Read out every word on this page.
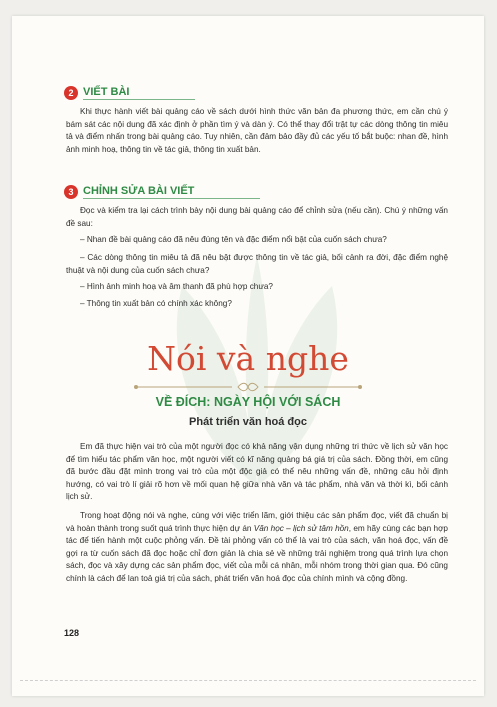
2 VIẾT BÀI

Khi thực hành viết bài quảng cáo về sách dưới hình thức văn bản đa phương thức, em cần chú ý bám sát các nội dung đã xác định ở phần tìm ý và dàn ý. Có thể thay đổi trật tự các dòng thông tin miêu tả và điểm nhấn trong bài quảng cáo. Tuy nhiên, cần đảm bảo đầy đủ các yếu tố bắt buộc: nhan đề, hình ảnh minh hoạ, thông tin về tác giả, thông tin xuất bản.

3 CHỈNH SỬA BÀI VIẾT

Đọc và kiểm tra lại cách trình bày nội dung bài quảng cáo để chỉnh sửa (nếu cần). Chú ý những vấn đề sau:

– Nhan đề bài quảng cáo đã nêu đúng tên và đặc điểm nổi bật của cuốn sách chưa?

– Các dòng thông tin miêu tả đã nêu bật được thông tin về tác giả, bối cảnh ra đời, đặc điểm nghệ thuật và nội dung của cuốn sách chưa?

– Hình ảnh minh hoạ và âm thanh đã phù hợp chưa?

– Thông tin xuất bản có chính xác không?

Nói và nghe
VỀ ĐÍCH: NGÀY HỘI VỚI SÁCH
Phát triển văn hoá đọc

Em đã thực hiện vai trò của một người đọc có khả năng vận dụng những tri thức về lịch sử văn học để tìm hiểu tác phẩm văn học, một người viết có kĩ năng quảng bá giá trị của sách. Đồng thời, em cũng đã bước đầu đặt mình trong vai trò của một độc giả có thể nêu những vấn đề, những câu hỏi định hướng, có vai trò lí giải rõ hơn về mối quan hệ giữa nhà văn và tác phẩm, nhà văn và thời kì, bối cảnh lịch sử.

Trong hoạt động nói và nghe, cùng với việc triển lãm, giới thiệu các sản phẩm đọc, viết đã chuẩn bị và hoàn thành trong suốt quá trình thực hiện dự án Văn học – lịch sử tâm hồn, em hãy cùng các bạn hợp tác để tiến hành một cuộc phỏng vấn. Đề tài phỏng vấn có thể là vai trò của sách, văn hoá đọc, vấn đề gợi ra từ cuốn sách đã đọc hoặc chỉ đơn giản là chia sẻ về những trải nghiệm trong quá trình lựa chọn sách, đọc và xây dựng các sản phẩm đọc, viết của mỗi cá nhân, mỗi nhóm trong thời gian qua. Đó cũng chính là cách để lan toả giá trị của sách, phát triển văn hoá đọc của chính mình và cộng đồng.

128
